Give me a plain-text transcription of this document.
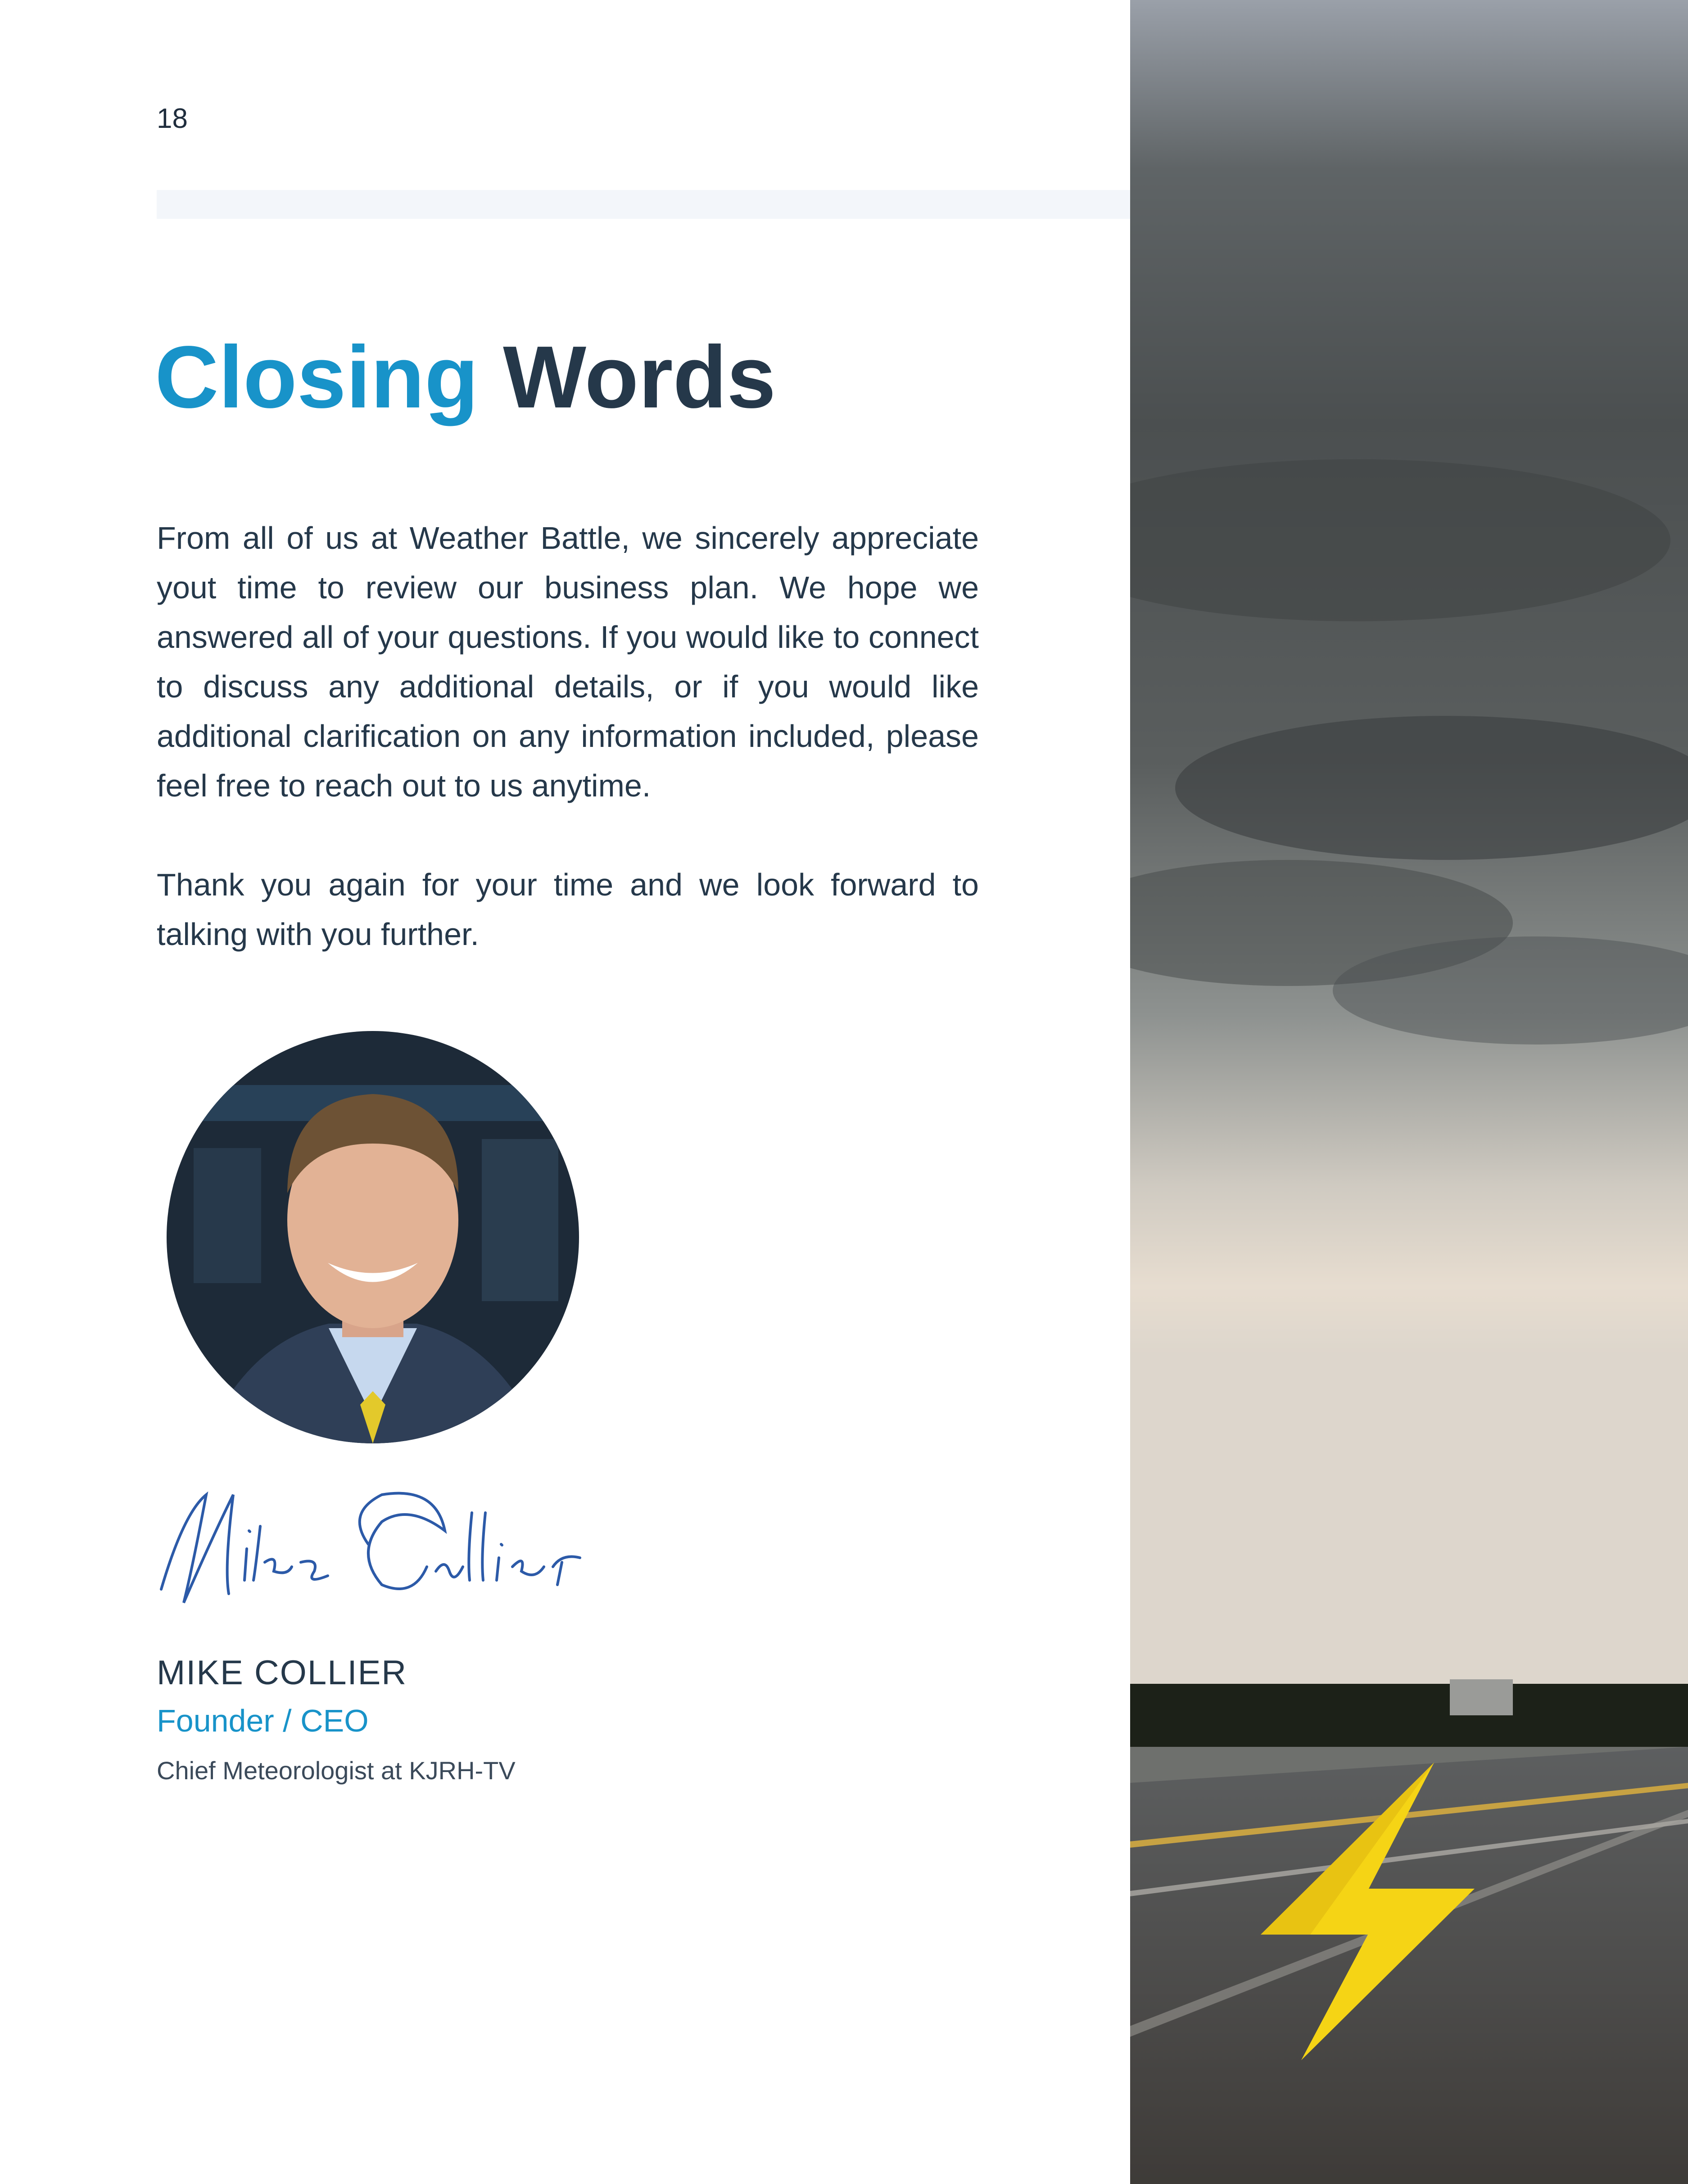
18
Closing Words

From all of us at Weather Battle, we sincerely appreciate yout time to review our business plan. We hope we answered all of your questions. If you would like to connect to discuss any additional details, or if you would like additional clarification on any information included, please feel free to reach out to us anytime.

Thank you again for your time and we look forward to talking with you further.

MIKE COLLIER
Founder / CEO
Chief Meteorologist at KJRH-TV
